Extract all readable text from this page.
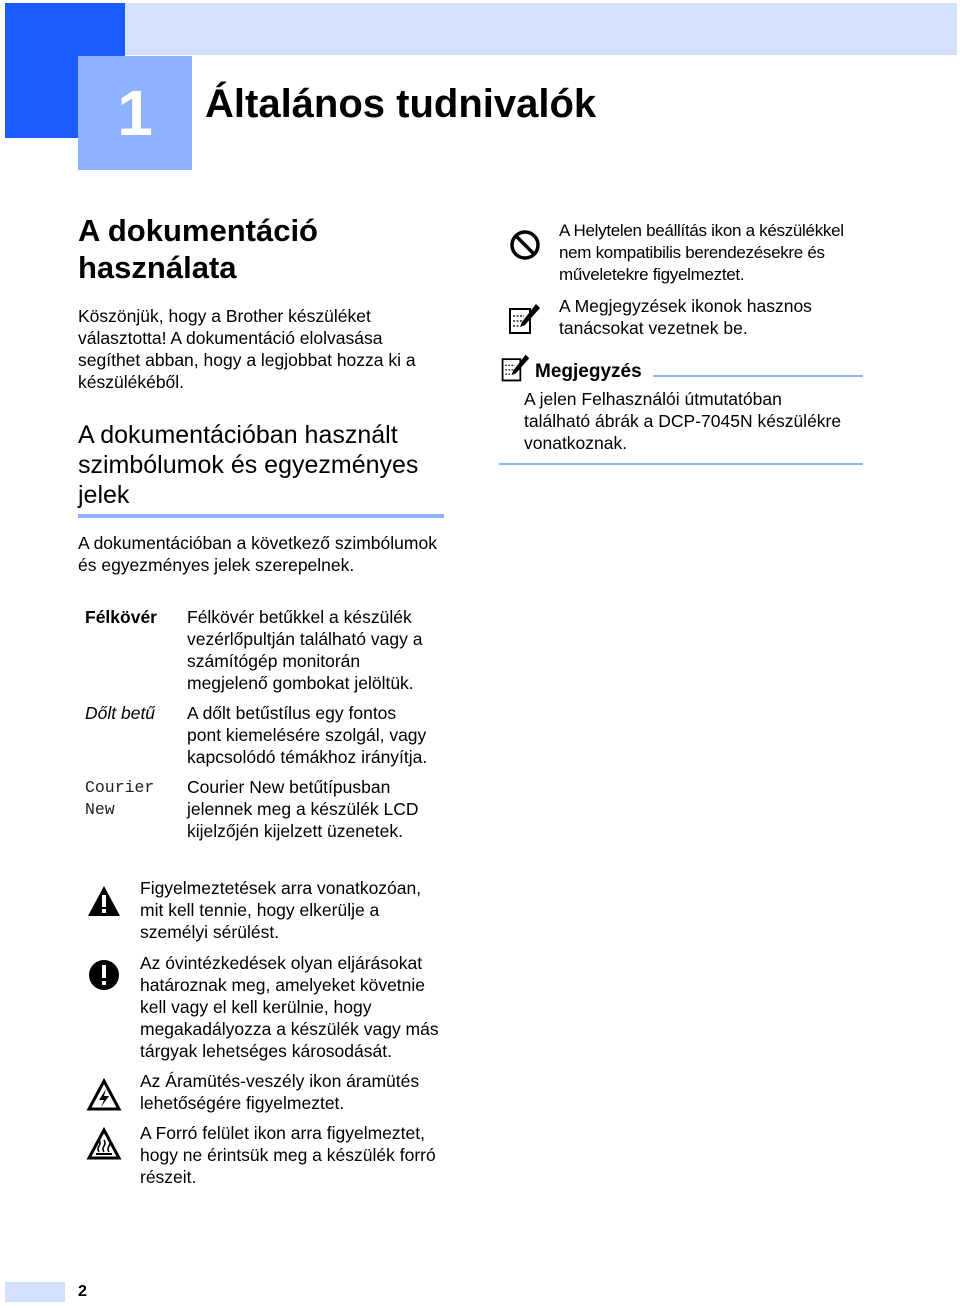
1	Általános tudnivalók
A dokumentáció
használata
Köszönjük, hogy a Brother készüléket
választotta! A dokumentáció elolvasása
segíthet abban, hogy a legjobbat hozza ki a
készülékéből.
A dokumentációban használt
szimbólumok és egyezményes
jelek
A dokumentációban a következő szimbólumok
és egyezményes jelek szerepelnek.
Félkövér Félkövér betűkkel a készülék
vezérlőpultján található vagy a
számítógép monitorán
megjelenő gombokat jelöltük.
Dőlt betű A dőlt betűstílus egy fontos
pont kiemelésére szolgál, vagy
kapcsolódó témákhoz irányítja.
Courier
New
Courier New betűtípusban
jelennek meg a készülék LCD
kijelzőjén kijelzett üzenetek.
Figyelmeztetések arra vonatkozóan,
mit kell tennie, hogy elkerülje a
személyi sérülést.
Az óvintézkedések olyan eljárásokat
határoznak meg, amelyeket követnie
kell vagy el kell kerülnie, hogy
megakadályozza a készülék vagy más
tárgyak lehetséges károsodását.
Az Áramütés-veszély ikon áramütés
lehetőségére figyelmeztet.
A Forró felület ikon arra figyelmeztet,
hogy ne érintsük meg a készülék forró
részeit.
A Helytelen beállítás ikon a készülékkel
nem kompatibilis berendezésekre és
műveletekre figyelmeztet.
A Megjegyzések ikonok hasznos
tanácsokat vezetnek be.
Megjegyzés
A jelen Felhasználói útmutatóban
található ábrák a DCP-7045N készülékre
vonatkoznak.
2
